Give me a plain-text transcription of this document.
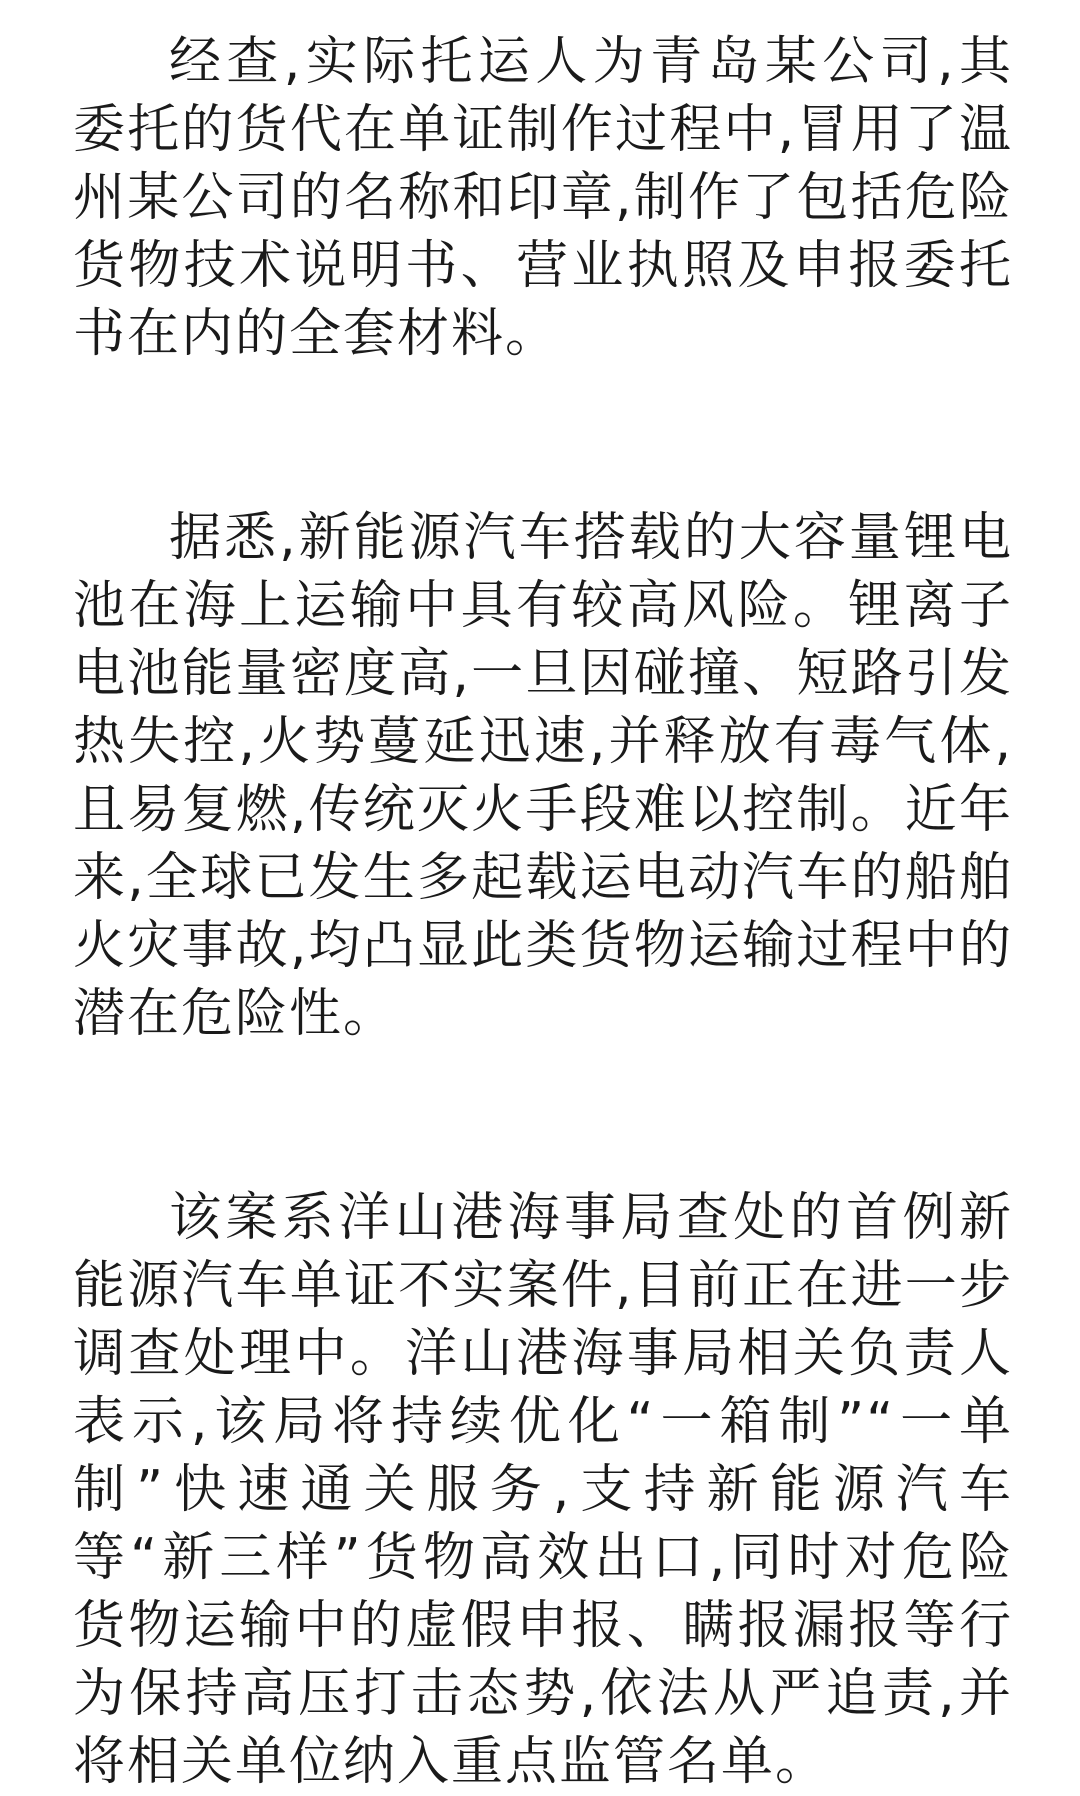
经查,实际托运人为青岛某公司,其委托的货代在单证制作过程中,冒用了温州某公司的名称和印章,制作了包括危险货物技术说明书、营业执照及申报委托书在内的全套材料。

据悉,新能源汽车搭载的大容量锂电池在海上运输中具有较高风险。锂离子电池能量密度高,一旦因碰撞、短路引发热失控,火势蔓延迅速,并释放有毒气体,且易复燃,传统灭火手段难以控制。近年来,全球已发生多起载运电动汽车的船舶火灾事故,均凸显此类货物运输过程中的潜在危险性。

该案系洋山港海事局查处的首例新能源汽车单证不实案件,目前正在进一步调查处理中。洋山港海事局相关负责人表示,该局将持续优化“一箱制”“一单制”快速通关服务,支持新能源汽车等“新三样”货物高效出口,同时对危险货物运输中的虚假申报、瞒报漏报等行为保持高压打击态势,依法从严追责,并将相关单位纳入重点监管名单。
